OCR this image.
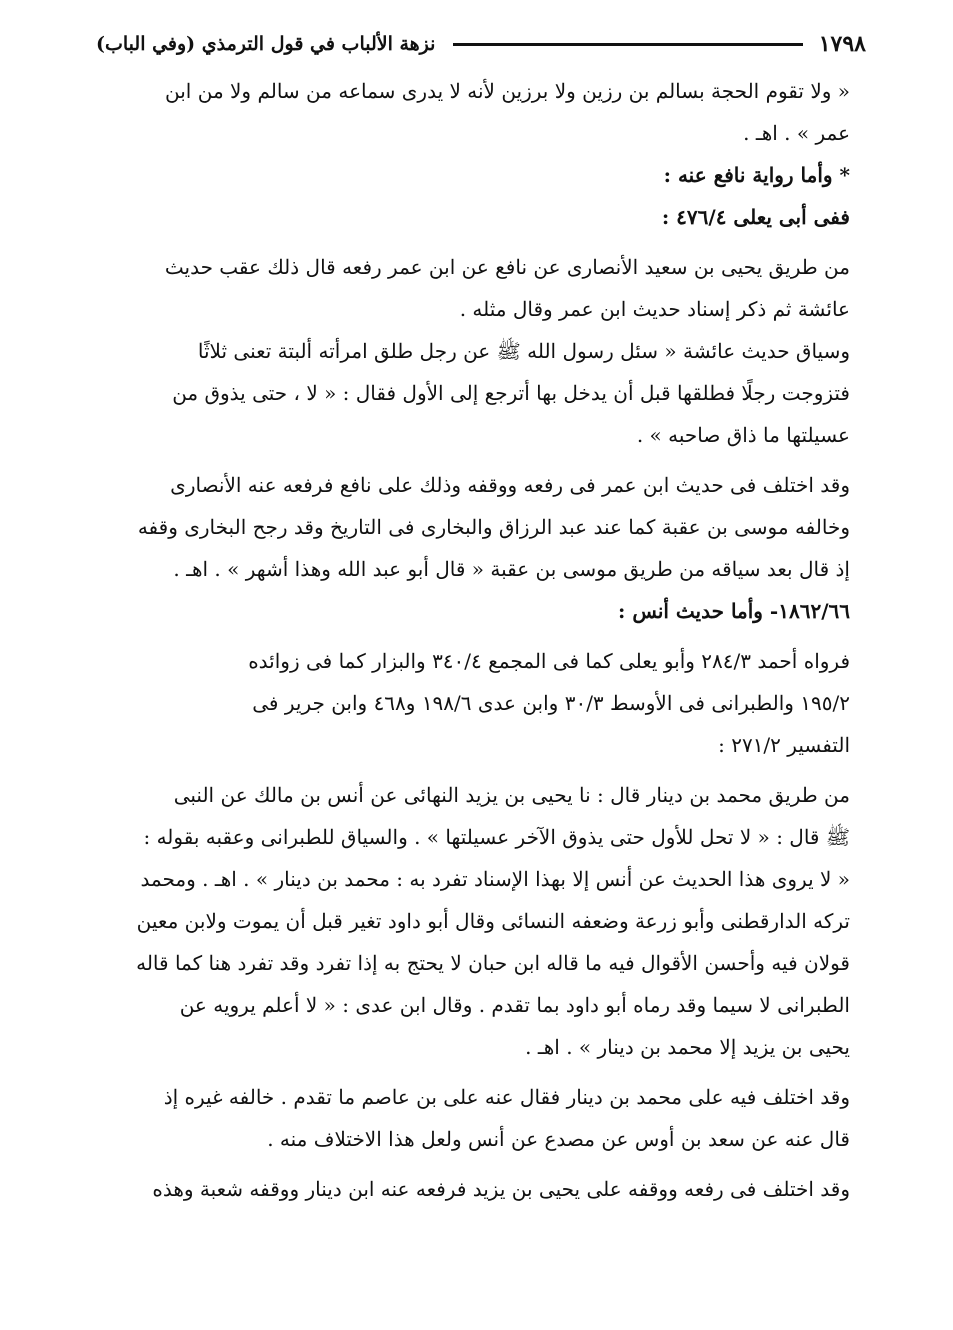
١٧٩٨
نزهة الألباب في قول الترمذي (وفي الباب)
« ولا تقوم الحجة بسالم بن رزين ولا برزين لأنه لا يدرى سماعه من سالم ولا من ابن
عمر » . اهـ .
* وأما رواية نافع عنه :
ففى أبى يعلى ٤٧٦/٤ :
من طريق يحيى بن سعيد الأنصارى عن نافع عن ابن عمر رفعه قال ذلك عقب حديث
عائشة ثم ذكر إسناد حديث ابن عمر وقال مثله .
وسياق حديث عائشة « سئل رسول الله ﷺ عن رجل طلق امرأته ألبتة تعنى ثلاثًا
فتزوجت رجلًا فطلقها قبل أن يدخل بها أترجع إلى الأول فقال : « لا ، حتى يذوق من
عسيلتها ما ذاق صاحبه » .
وقد اختلف فى حديث ابن عمر فى رفعه ووقفه وذلك على نافع فرفعه عنه الأنصارى
وخالفه موسى بن عقبة كما عند عبد الرزاق والبخارى فى التاريخ وقد رجح البخارى وقفه
إذ قال بعد سياقه من طريق موسى بن عقبة « قال أبو عبد الله وهذا أشهر » . اهـ .
١٨٦٢/٦٦- وأما حديث أنس :
فرواه أحمد ٢٨٤/٣ وأبو يعلى كما فى المجمع ٣٤٠/٤ والبزار كما فى زوائده
١٩٥/٢ والطبرانى فى الأوسط ٣٠/٣ وابن عدى ١٩٨/٦ و٤٦٨ وابن جرير فى
التفسير ٢٧١/٢ :
من طريق محمد بن دينار قال : نا يحيى بن يزيد النهائى عن أنس بن مالك عن النبى
ﷺ قال : « لا تحل للأول حتى يذوق الآخر عسيلتها » . والسياق للطبرانى وعقبه بقوله :
« لا يروى هذا الحديث عن أنس إلا بهذا الإسناد تفرد به : محمد بن دينار » . اهـ . ومحمد
تركه الدارقطنى وأبو زرعة وضعفه النسائى وقال أبو داود تغير قبل أن يموت ولابن معين
قولان فيه وأحسن الأقوال فيه ما قاله ابن حبان لا يحتج به إذا تفرد وقد تفرد هنا كما قاله
الطبرانى لا سيما وقد رماه أبو داود بما تقدم . وقال ابن عدى : « لا أعلم يرويه عن
يحيى بن يزيد إلا محمد بن دينار » . اهـ .
وقد اختلف فيه على محمد بن دينار فقال عنه على بن عاصم ما تقدم . خالفه غيره إذ
قال عنه عن سعد بن أوس عن مصدع عن أنس ولعل هذا الاختلاف منه .
وقد اختلف فى رفعه ووقفه على يحيى بن يزيد فرفعه عنه ابن دينار ووقفه شعبة وهذه
